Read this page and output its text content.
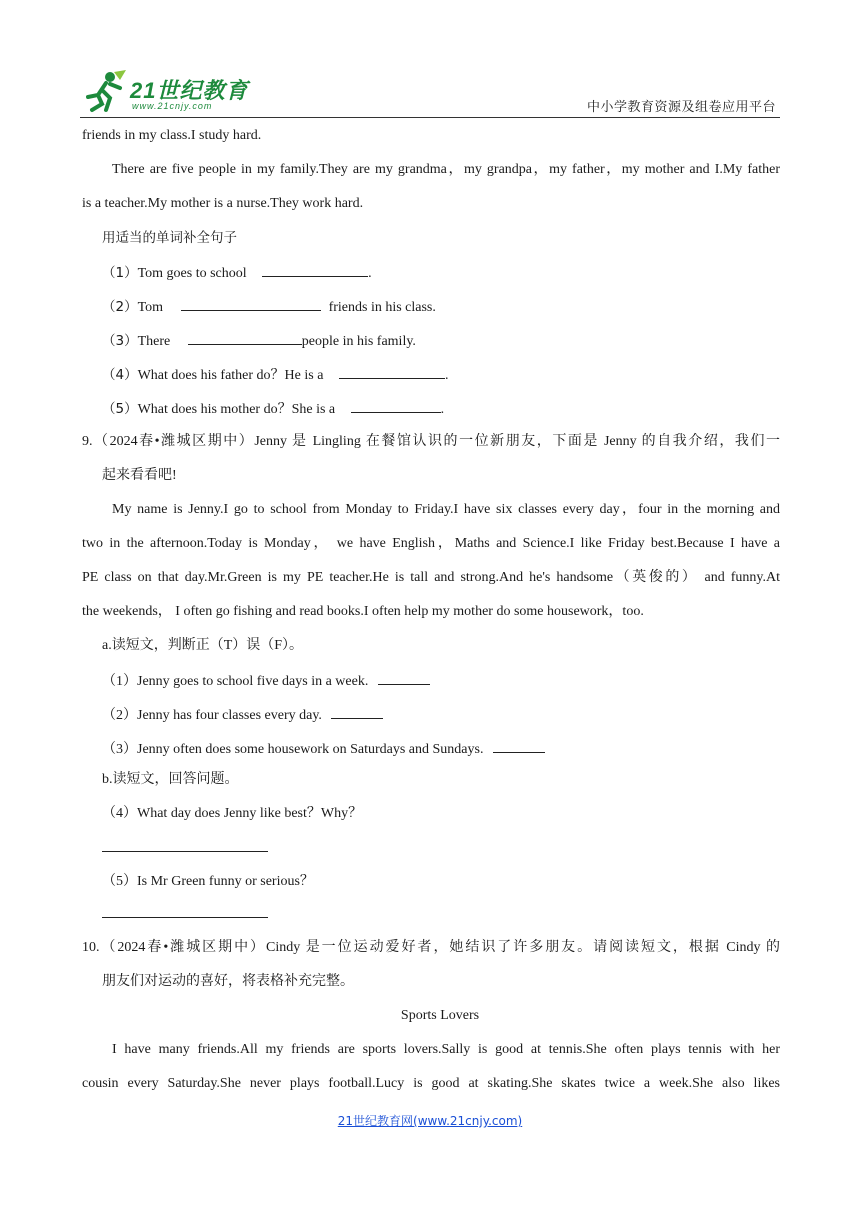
21世纪教育
www.21cnjy.com	中小学教育资源及组卷应用平台
friends in my class.I study hard.
There are five people in my family.They are my grandma，my grandpa，my father，my mother and I.My father
is a teacher.My mother is a nurse.They work hard.
用适当的单词补全句子
（1）Tom goes to school	.
（2）Tom	friends in his class.
（3）There	people in his family.
（4）What does his father do？He is a	.
（5）What does his mother do？She is a	.
9.（2024春•潍城区期中）Jenny 是 Lingling 在餐馆认识的一位新朋友，下面是 Jenny 的自我介绍，我们一
起来看看吧!
My name is Jenny.I go to school from Monday to Friday.I have six classes every day，four in the morning and
two in the afternoon.Today is Monday， we have English，Maths and Science.I like Friday best.Because I have a
PE class on that day.Mr.Green is my PE teacher.He is tall and strong.And he's handsome（英俊的） and funny.At
the weekends， I often go fishing and read books.I often help my mother do some housework，too.
a.读短文，判断正（T）误（F）。
（1）Jenny goes to school five days in a week.
（2）Jenny has four classes every day.
（3）Jenny often does some housework on Saturdays and Sundays.
b.读短文，回答问题。
（4）What day does Jenny like best？Why？
（5）Is Mr Green funny or serious？
10.（2024春•潍城区期中）Cindy 是一位运动爱好者，她结识了许多朋友。请阅读短文，根据 Cindy 的
朋友们对运动的喜好，将表格补充完整。
Sports Lovers
I have many friends.All my friends are sports lovers.Sally is good at tennis.She often plays tennis with her
cousin every Saturday.She never plays football.Lucy is good at skating.She skates twice a week.She also likes
21世纪教育网(www.21cnjy.com)
